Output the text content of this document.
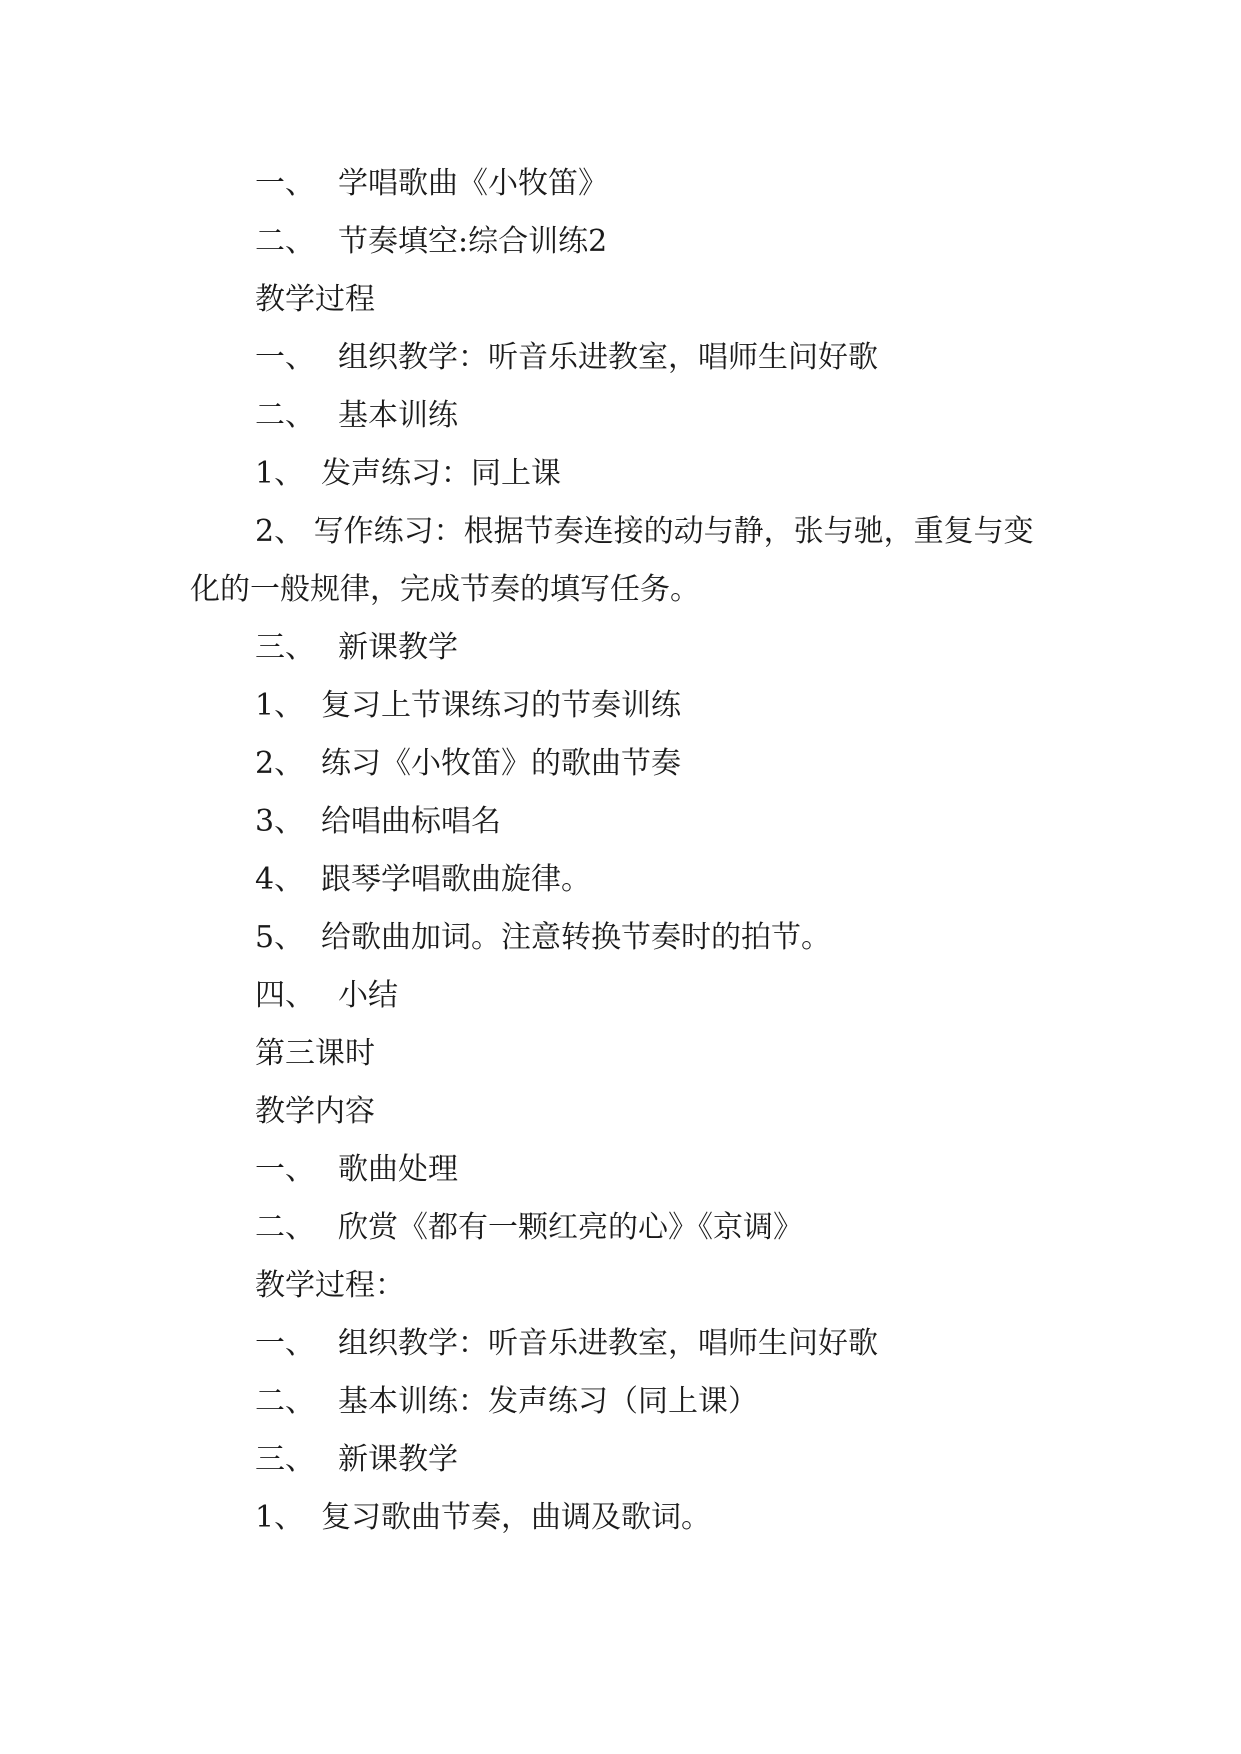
一、 学唱歌曲《小牧笛》
二、 节奏填空:综合训练2
教学过程
一、 组织教学：听音乐进教室，唱师生问好歌
二、 基本训练
1、 发声练习：同上课
2、 写作练习：根据节奏连接的动与静，张与驰，重复与变化的一般规律，完成节奏的填写任务。
三、 新课教学
1、 复习上节课练习的节奏训练
2、 练习《小牧笛》的歌曲节奏
3、 给唱曲标唱名
4、 跟琴学唱歌曲旋律。
5、 给歌曲加词。注意转换节奏时的拍节。
四、 小结
第三课时
教学内容
一、 歌曲处理
二、 欣赏《都有一颗红亮的心》《京调》
教学过程：
一、 组织教学：听音乐进教室，唱师生问好歌
二、 基本训练：发声练习（同上课）
三、 新课教学
1、 复习歌曲节奏，曲调及歌词。
